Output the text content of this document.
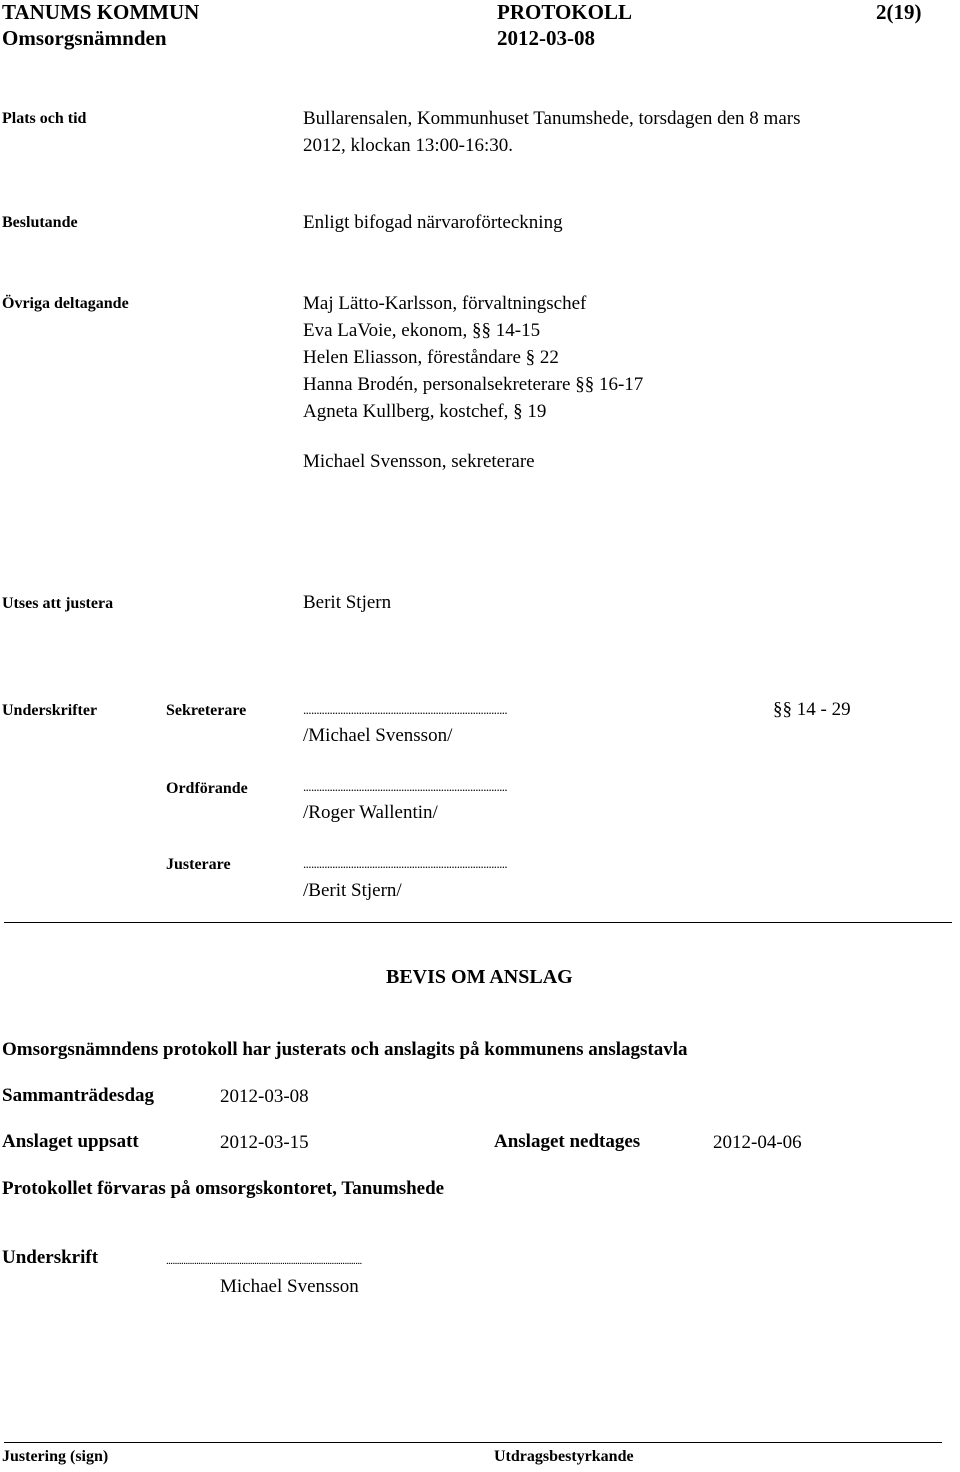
TANUMS KOMMUN	PROTOKOLL	2(19)
Omsorgsnämnden	2012-03-08
Plats och tid	Bullarensalen, Kommunhuset Tanumshede, torsdagen den 8 mars
2012, klockan 13:00-16:30.
Beslutande	Enligt bifogad närvaroförteckning
Övriga deltagande	Maj Lätto-Karlsson, förvaltningschef
Eva LaVoie, ekonom, §§ 14-15
Helen Eliasson, föreståndare § 22
Hanna Brodén, personalsekreterare §§ 16-17
Agneta Kullberg, kostchef, § 19
Michael Svensson, sekreterare
Utses att justera	Berit Stjern
Underskrifter	Sekreterare	.............................................................................	§§ 14 - 29
/Michael Svensson/
Ordförande	.............................................................................
/Roger Wallentin/
Justerare	.............................................................................
/Berit Stjern/
BEVIS OM ANSLAG
Omsorgsnämndens protokoll har justerats och anslagits på kommunens anslagstavla
Sammanträdesdag	2012-03-08
Anslaget uppsatt	2012-03-15	Anslaget nedtages	2012-04-06
Protokollet förvaras på omsorgskontoret, Tanumshede
Underskrift	...........................................................................................
Michael Svensson
Justering (sign)	Utdragsbestyrkande
